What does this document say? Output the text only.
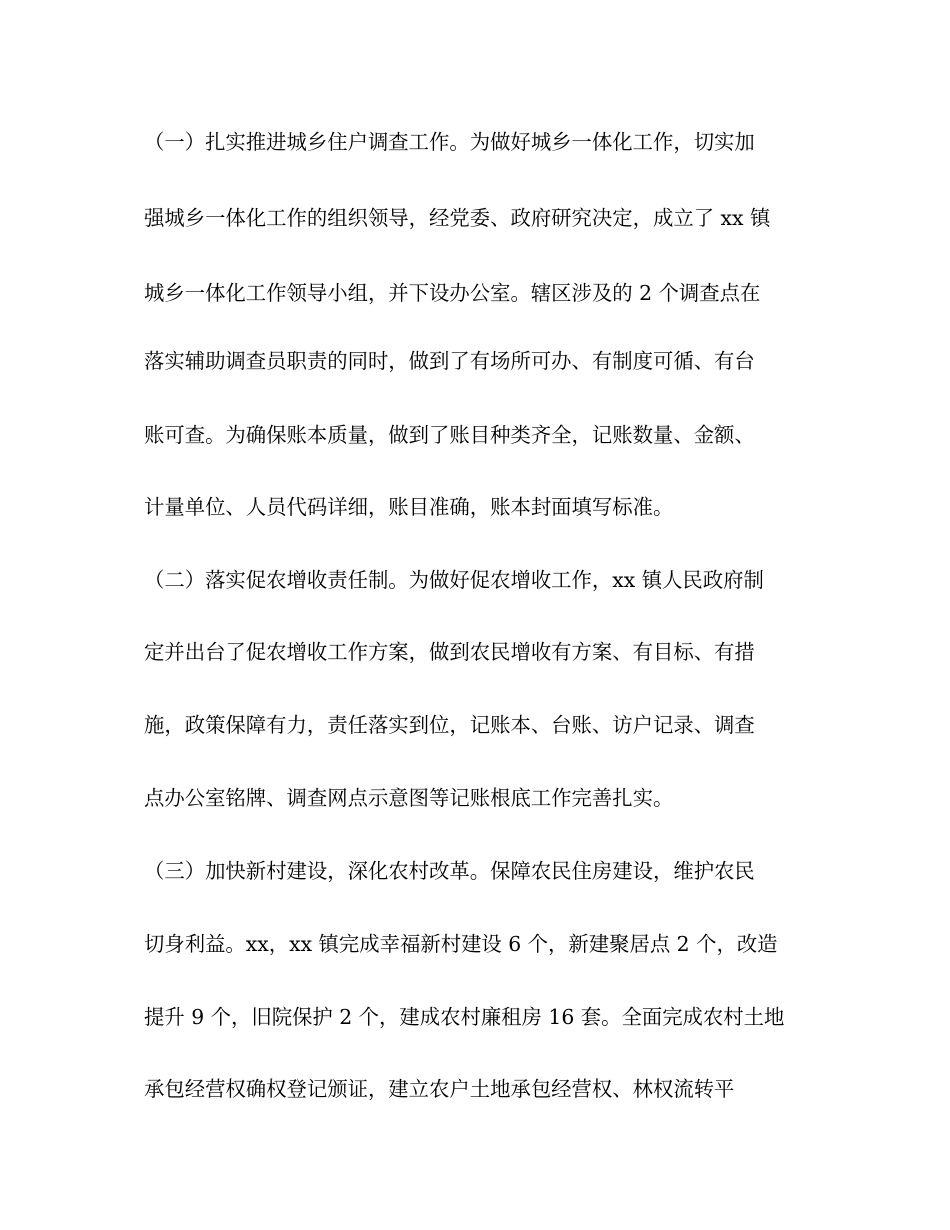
（一）扎实推进城乡住户调查工作。为做好城乡一体化工作，切实加
强城乡一体化工作的组织领导，经党委、政府研究决定，成立了 xx 镇
城乡一体化工作领导小组，并下设办公室。辖区涉及的 2 个调查点在
落实辅助调查员职责的同时，做到了有场所可办、有制度可循、有台
账可查。为确保账本质量，做到了账目种类齐全，记账数量、金额、
计量单位、人员代码详细，账目准确，账本封面填写标准。
（二）落实促农增收责任制。为做好促农增收工作，xx 镇人民政府制
定并出台了促农增收工作方案，做到农民增收有方案、有目标、有措
施，政策保障有力，责任落实到位，记账本、台账、访户记录、调查
点办公室铭牌、调查网点示意图等记账根底工作完善扎实。
（三）加快新村建设，深化农村改革。保障农民住房建设，维护农民
切身利益。xx，xx 镇完成幸福新村建设 6 个，新建聚居点 2 个，改造
提升 9 个，旧院保护 2 个，建成农村廉租房 16 套。全面完成农村土地
承包经营权确权登记颁证，建立农户土地承包经营权、林权流转平
